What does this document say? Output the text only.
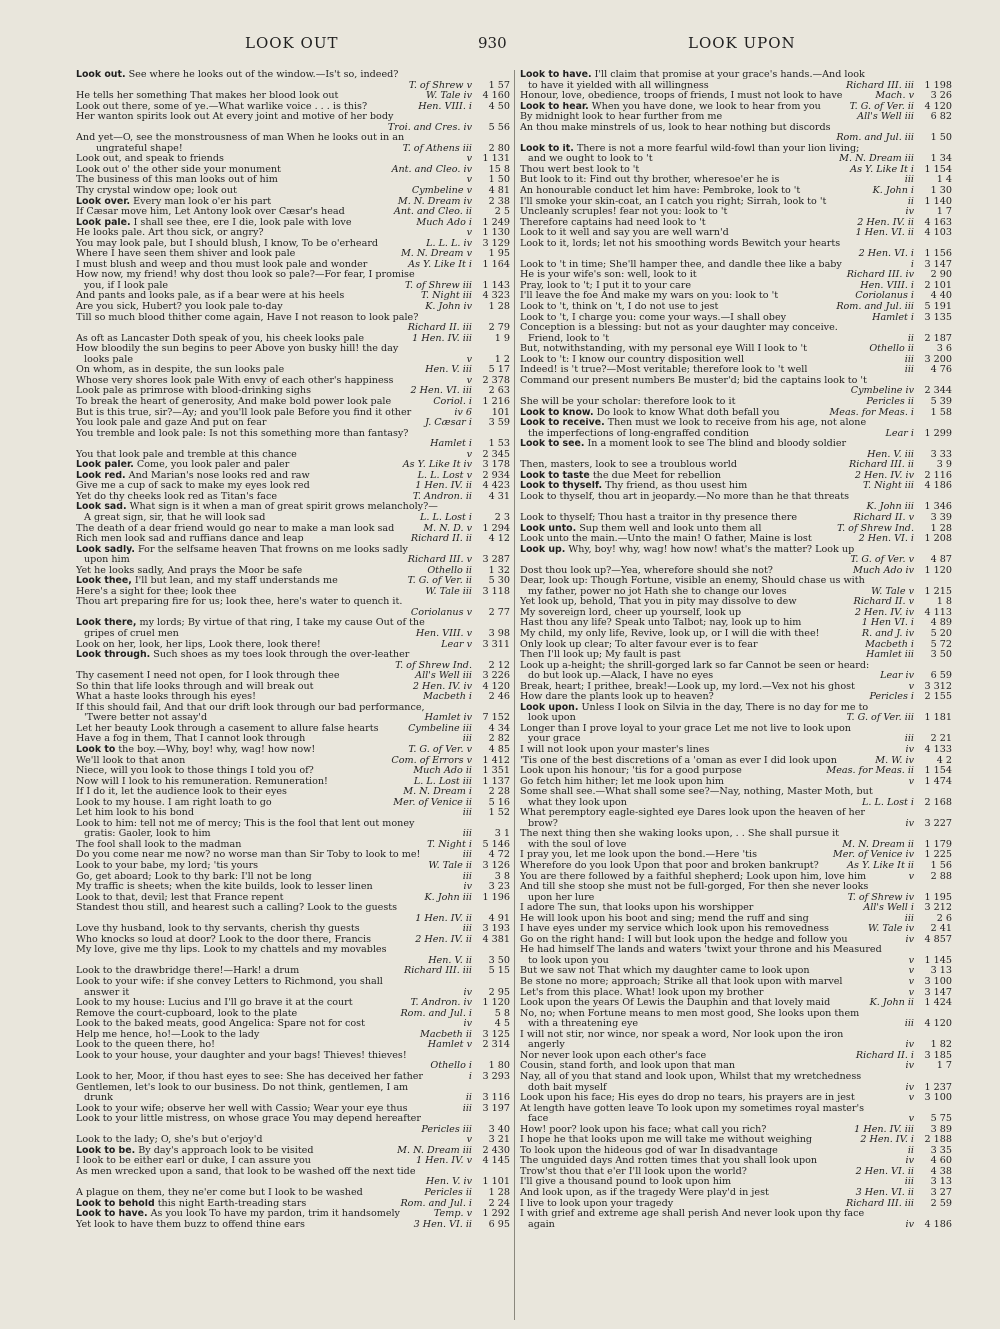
LOOK OUT	930	LOOK UPON
Look out. See where he looks out of the window.—Is't so, indeed?
T. of Shrew v	1 57
He tells her something That makes her blood look out	W. Tale iv	4 160
Look out there, some of ye.—What warlike voice . . . is this?	Hen. VIII. i	4 50
Her wanton spirits look out At every joint and motive of her body
Troi. and Cres. iv	5 56
And yet—O, see the monstrousness of man When he looks out in an
ungrateful shape!	T. of Athens iii	2 80
Look out, and speak to friends	v	1 131
Look out o' the other side your monument	Ant. and Cleo. iv	15 8
The business of this man looks out of him	v	1 50
Thy crystal window ope; look out	Cymbeline v	4 81
Look over. Every man look o'er his part	M. N. Dream iv	2 38
If Cæsar move him, Let Antony look over Cæsar's head	Ant. and Cleo. ii	2 5
Look pale. I shall see thee, ere I die, look pale with love	Much Ado i	1 249
He looks pale. Art thou sick, or angry?	v	1 130
You may look pale, but I should blush, I know, To be o'erheard	L. L. L. iv	3 129
Where I have seen them shiver and look pale	M. N. Dream v	1 95
I must blush and weep and thou must look pale and wonder	As Y. Like It i	1 164
How now, my friend! why dost thou look so pale?—For fear, I promise
you, if I look pale	T. of Shrew iii	1 143
And pants and looks pale, as if a bear were at his heels	T. Night iii	4 323
Are you sick, Hubert? you look pale to-day	K. John iv	1 28
Till so much blood thither come again, Have I not reason to look pale?
Richard II. iii	2 79
As oft as Lancaster Doth speak of you, his cheek looks pale	1 Hen. IV. iii	1 9
How bloodily the sun begins to peer Above yon busky hill! the day
looks pale	v	1 2
On whom, as in despite, the sun looks pale	Hen. V. iii	5 17
Whose very shores look pale With envy of each other's happiness	v	2 378
Look pale as primrose with blood-drinking sighs	2 Hen. VI. iii	2 63
To break the heart of generosity, And make bold power look pale	Coriol. i	1 216
But is this true, sir?—Ay; and you'll look pale Before you find it other	iv 6	101
You look pale and gaze And put on fear	J. Cæsar i	3 59
You tremble and look pale: Is not this something more than fantasy?
Hamlet i	1 53
You that look pale and tremble at this chance	v	2 345
Look paler. Come, you look paler and paler	As Y. Like It iv	3 178
Look red. And Marian's nose looks red and raw	L. L. Lost v	2 934
Give me a cup of sack to make my eyes look red	1 Hen. IV. ii	4 423
Yet do thy cheeks look red as Titan's face	T. Andron. ii	4 31
Look sad. What sign is it when a man of great spirit grows melancholy?—
A great sign, sir, that he will look sad	L. L. Lost i	2 3
The death of a dear friend would go near to make a man look sad	M. N. D. v	1 294
Rich men look sad and ruffians dance and leap	Richard II. ii	4 12
Look sadly. For the selfsame heaven That frowns on me looks sadly
upon him	Richard III. v	3 287
Yet he looks sadly, And prays the Moor be safe	Othello ii	1 32
Look thee, I'll but lean, and my staff understands me	T. G. of Ver. ii	5 30
Here's a sight for thee; look thee	W. Tale iii	3 118
Thou art preparing fire for us; look thee, here's water to quench it.
Coriolanus v	2 77
Look there, my lords; By virtue of that ring, I take my cause Out of the
gripes of cruel men	Hen. VIII. v	3 98
Look on her, look, her lips, Look there, look there!	Lear v	3 311
Look through. Such shoes as my toes look through the over-leather
T. of Shrew Ind.	2 12
Thy casement I need not open, for I look through thee	All's Well iii	3 226
So thin that life looks through and will break out	2 Hen. IV. iv	4 120
What a haste looks through his eyes!	Macbeth i	2 46
If this should fail, And that our drift look through our bad performance,
'Twere better not assay'd	Hamlet iv	7 152
Let her beauty Look through a casement to allure false hearts	Cymbeline iii	4 34
Have a fog in them, That I cannot look through	iii	2 82
Look to the boy.—Why, boy! why, wag! how now!	T. G. of Ver. v	4 85
We'll look to that anon	Com. of Errors v	1 412
Niece, will you look to those things I told you of?	Much Ado ii	1 351
Now will I look to his remuneration. Remuneration!	L. L. Lost iii	1 137
If I do it, let the audience look to their eyes	M. N. Dream i	2 28
Look to my house. I am right loath to go	Mer. of Venice ii	5 16
Let him look to his bond	iii	1 52
Look to him: tell not me of mercy; This is the fool that lent out money
gratis: Gaoler, look to him	iii	3 1
The fool shall look to the madman	T. Night i	5 146
Do you come near me now? no worse man than Sir Toby to look to me!	iii	4 72
Look to your babe, my lord; 'tis yours	W. Tale ii	3 126
Go, get aboard; Look to thy bark: I'll not be long	iii	3 8
My traffic is sheets; when the kite builds, look to lesser linen	iv	3 23
Look to that, devil; lest that France repent	K. John iii	1 196
Standest thou still, and hearest such a calling? Look to the guests
1 Hen. IV. ii	4 91
Love thy husband, look to thy servants, cherish thy guests	iii	3 193
Who knocks so loud at door? Look to the door there, Francis	2 Hen. IV. ii	4 381
My love, give me thy lips. Look to my chattels and my movables
Hen. V. ii	3 50
Look to the drawbridge there!—Hark! a drum	Richard III. iii	5 15
Look to your wife: if she convey Letters to Richmond, you shall
answer it	iv	2 95
Look to my house: Lucius and I'll go brave it at the court	T. Andron. iv	1 120
Remove the court-cupboard, look to the plate	Rom. and Jul. i	5 8
Look to the baked meats, good Angelica: Spare not for cost	iv	4 5
Help me hence, ho!—Look to the lady	Macbeth ii	3 125
Look to the queen there, ho!	Hamlet v	2 314
Look to your house, your daughter and your bags! Thieves! thieves!
Othello i	1 80
Look to her, Moor, if thou hast eyes to see: She has deceived her father	i	3 293
Gentlemen, let's look to our business. Do not think, gentlemen, I am
drunk	ii	3 116
Look to your wife; observe her well with Cassio; Wear your eye thus	iii	3 197
Look to your little mistress, on whose grace You may depend hereafter
Pericles iii	3 40
Look to the lady; O, she's but o'erjoy'd	v	3 21
Look to be. By day's approach look to be visited	M. N. Dream iii	2 430
I look to be either earl or duke, I can assure you	1 Hen. IV. v	4 145
As men wrecked upon a sand, that look to be washed off the next tide
Hen. V. iv	1 101
A plague on them, they ne'er come but I look to be washed	Pericles ii	1 28
Look to behold this night Earth-treading stars	Rom. and Jul. i	2 24
Look to have. As you look To have my pardon, trim it handsomely	Temp. v	1 292
Yet look to have them buzz to offend thine ears	3 Hen. VI. ii	6 95
Look to have. I'll claim that promise at your grace's hands.—And look
to have it yielded with all willingness	Richard III. iii	1 198
Honour, love, obedience, troops of friends, I must not look to have	Mach. v	3 26
Look to hear. When you have done, we look to hear from you	T. G. of Ver. ii	4 120
By midnight look to hear further from me	All's Well iii	6 82
An thou make minstrels of us, look to hear nothing but discords
Rom. and Jul. iii	1 50
Look to it. There is not a more fearful wild-fowl than your lion living;
and we ought to look to 't	M. N. Dream iii	1 34
Thou wert best look to 't	As Y. Like It i	1 154
But look to it: Find out thy brother, wheresoe'er he is	iii	1 4
An honourable conduct let him have: Pembroke, look to 't	K. John i	1 30
I'll smoke your skin-coat, an I catch you right; Sirrah, look to 't	ii	1 140
Uncleanly scruples! fear not you: look to 't	iv	1 7
Therefore captains had need look to 't	2 Hen. IV. ii	4 163
Look to it well and say you are well warn'd	1 Hen. VI. ii	4 103
Look to it, lords; let not his smoothing words Bewitch your hearts
2 Hen. VI. i	1 156
Look to 't in time; She'll hamper thee, and dandle thee like a baby	i	3 147
He is your wife's son: well, look to it	Richard III. iv	2 90
Pray, look to 't; I put it to your care	Hen. VIII. i	2 101
I'll leave the foe And make my wars on you: look to 't	Coriolanus i	4 40
Look to 't, think on 't, I do not use to jest	Rom. and Jul. iii	5 191
Look to 't, I charge you: come your ways.—I shall obey	Hamlet i	3 135
Conception is a blessing: but not as your daughter may conceive.
Friend, look to 't	ii	2 187
But, notwithstanding, with my personal eye Will I look to 't	Othello ii	3 6
Look to 't: I know our country disposition well	iii	3 200
Indeed! is 't true?—Most veritable; therefore look to 't well	iii	4 76
Command our present numbers Be muster'd; bid the captains look to 't
Cymbeline iv	2 344
She will be your scholar: therefore look to it	Pericles ii	5 39
Look to know. Do look to know What doth befall you	Meas. for Meas. i	1 58
Look to receive. Then must we look to receive from his age, not alone
the imperfections of long-engraffed condition	Lear i	1 299
Look to see. In a moment look to see The blind and bloody soldier
Hen. V. iii	3 33
Then, masters, look to see a troublous world	Richard III. ii	3 9
Look to taste the due Meet for rebellion	2 Hen. IV. iv	2 116
Look to thyself. Thy friend, as thou usest him	T. Night iii	4 186
Look to thyself, thou art in jeopardy.—No more than he that threats
K. John iii	1 346
Look to thyself; Thou hast a traitor in thy presence there	Richard II. v	3 39
Look unto. Sup them well and look unto them all	T. of Shrew Ind.	1 28
Look unto the main.—Unto the main! O father, Maine is lost	2 Hen. VI. i	1 208
Look up. Why, boy! why, wag! how now! what's the matter? Look up
T. G. of Ver. v	4 87
Dost thou look up?—Yea, wherefore should she not?	Much Ado iv	1 120
Dear, look up: Though Fortune, visible an enemy, Should chase us with
my father, power no jot Hath she to change our loves	W. Tale v	1 215
Yet look up, behold, That you in pity may dissolve to dew	Richard II. v	1 8
My sovereign lord, cheer up yourself, look up	2 Hen. IV. iv	4 113
Hast thou any life? Speak unto Talbot; nay, look up to him	1 Hen VI. i	4 89
My child, my only life, Revive, look up, or I will die with thee!	R. and J. iv	5 20
Only look up clear; To alter favour ever is to fear	Macbeth i	5 72
Then I'll look up; My fault is past	Hamlet iii	3 50
Look up a-height; the shrill-gorged lark so far Cannot be seen or heard:
do but look up.—Alack, I have no eyes	Lear iv	6 59
Break, heart; I prithee, break!—Look up, my lord.—Vex not his ghost	v	3 312
How dare the plants look up to heaven?	Pericles i	2 155
Look upon. Unless I look on Silvia in the day, There is no day for me to
look upon	T. G. of Ver. iii	1 181
Longer than I prove loyal to your grace Let me not live to look upon
your grace	iii	2 21
I will not look upon your master's lines	iv	4 133
'Tis one of the best discretions of a 'oman as ever I did look upon	M. W. iv	4 2
Look upon his honour; 'tis for a good purpose	Meas. for Meas. ii	1 154
Go fetch him hither; let me look upon him	v	1 474
Some shall see.—What shall some see?—Nay, nothing, Master Moth, but
what they look upon	L. L. Lost i	2 168
What peremptory eagle-sighted eye Dares look upon the heaven of her
brow?	iv	3 227
The next thing then she waking looks upon, . . She shall pursue it
with the soul of love	M. N. Dream ii	1 179
I pray you, let me look upon the bond.—Here 'tis	Mer. of Venice iv	1 225
Wherefore do you look Upon that poor and broken bankrupt?	As Y. Like It ii	1 56
You are there followed by a faithful shepherd; Look upon him, love him	v	2 88
And till she stoop she must not be full-gorged, For then she never looks
upon her lure	T. of Shrew iv	1 195
I adore The sun, that looks upon his worshipper	All's Well i	3 212
He will look upon his boot and sing; mend the ruff and sing	iii	2 6
I have eyes under my service which look upon his removedness	W. Tale iv	2 41
Go on the right hand: I will but look upon the hedge and follow you	iv	4 857
He had himself The lands and waters 'twixt your throne and his Measured
to look upon you	v	1 145
But we saw not That which my daughter came to look upon	v	3 13
Be stone no more; approach; Strike all that look upon with marvel	v	3 100
Let's from this place. What! look upon my brother	v	3 147
Look upon the years Of Lewis the Dauphin and that lovely maid	K. John ii	1 424
No, no; when Fortune means to men most good, She looks upon them
with a threatening eye	iii	4 120
I will not stir, nor wince, nor speak a word, Nor look upon the iron
angerly	iv	1 82
Nor never look upon each other's face	Richard II. i	3 185
Cousin, stand forth, and look upon that man	iv	1 7
Nay, all of you that stand and look upon, Whilst that my wretchedness
doth bait myself	iv	1 237
Look upon his face; His eyes do drop no tears, his prayers are in jest	v	3 100
At length have gotten leave To look upon my sometimes royal master's
face	v	5 75
How! poor? look upon his face; what call you rich?	1 Hen. IV. iii	3 89
I hope he that looks upon me will take me without weighing	2 Hen. IV. i	2 188
To look upon the hideous god of war In disadvantage	ii	3 35
The unguided days And rotten times that you shall look upon	iv	4 60
Trow'st thou that e'er I'll look upon the world?	2 Hen. VI. ii	4 38
I'll give a thousand pound to look upon him	iii	3 13
And look upon, as if the tragedy Were play'd in jest	3 Hen. VI. ii	3 27
I live to look upon your tragedy	Richard III. iii	2 59
I with grief and extreme age shall perish And never look upon thy face
again	iv	4 186
